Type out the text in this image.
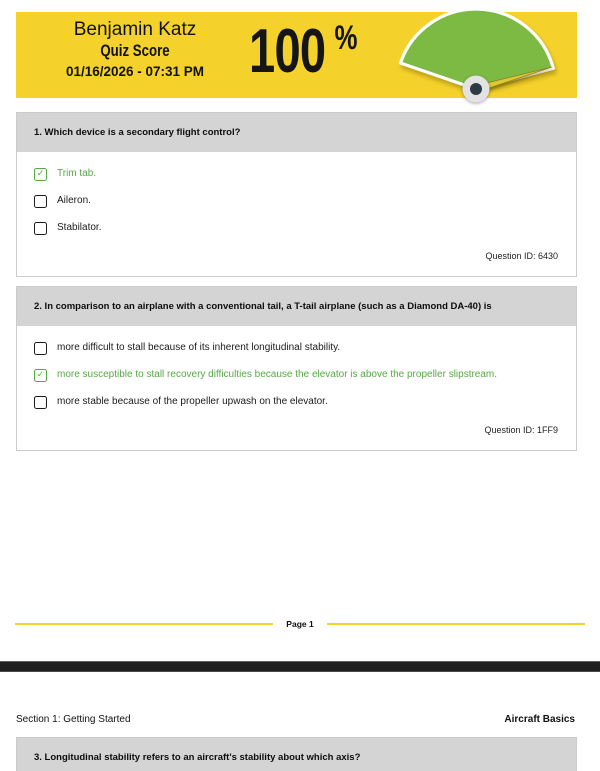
Benjamin Katz
Quiz Score
01/16/2026 - 07:31 PM 100 %
1. Which device is a secondary flight control?
✓ Trim tab.
Aileron.
Stabilator.
Question ID: 6430
2. In comparison to an airplane with a conventional tail, a T-tail airplane (such as a Diamond DA-40) is
more difficult to stall because of its inherent longitudinal stability.
✓ more susceptible to stall recovery difficulties because the elevator is above the propeller slipstream.
more stable because of the propeller upwash on the elevator.
Question ID: 1FF9
Page 1
Section 1: Getting Started	Aircraft Basics
3. Longitudinal stability refers to an aircraft's stability about which axis?
